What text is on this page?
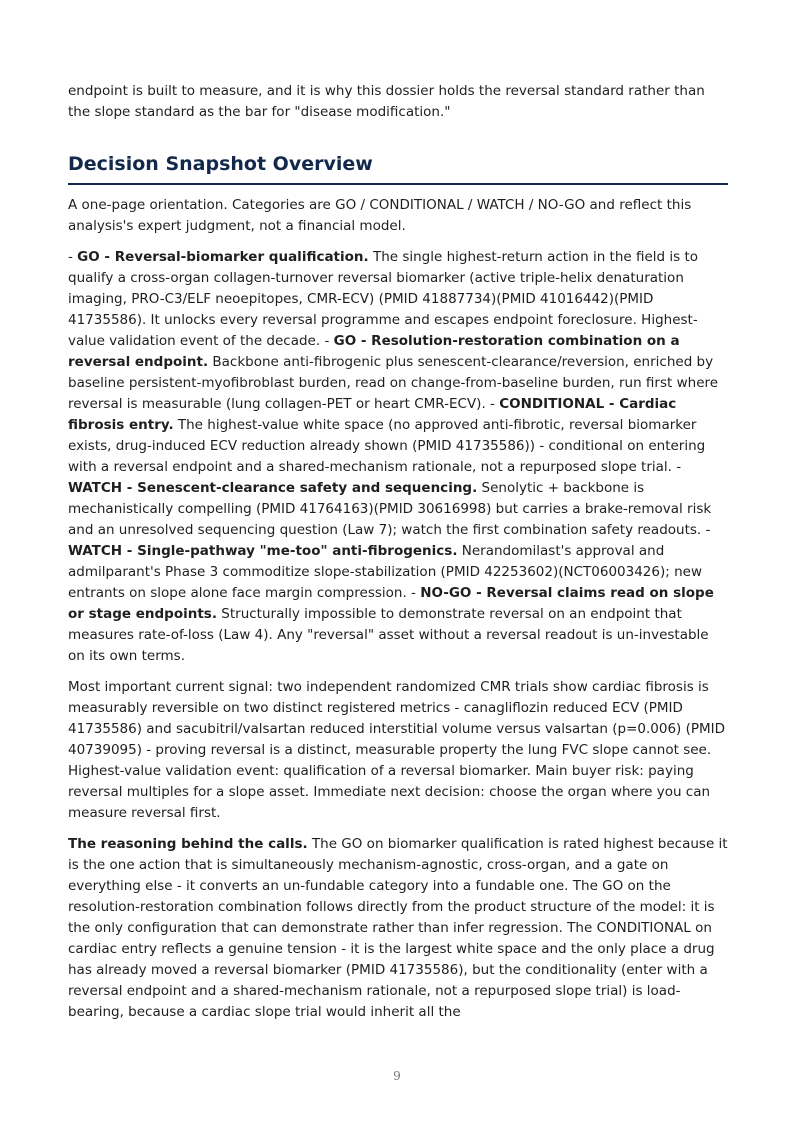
endpoint is built to measure, and it is why this dossier holds the reversal standard rather than the slope standard as the bar for "disease modification."

Decision Snapshot Overview

A one-page orientation. Categories are GO / CONDITIONAL / WATCH / NO-GO and reflect this analysis's expert judgment, not a financial model.

- GO - Reversal-biomarker qualification. The single highest-return action in the field is to qualify a cross-organ collagen-turnover reversal biomarker (active triple-helix denaturation imaging, PRO-C3/ELF neoepitopes, CMR-ECV) (PMID 41887734)(PMID 41016442)(PMID 41735586). It unlocks every reversal programme and escapes endpoint foreclosure. Highest-value validation event of the decade. - GO - Resolution-restoration combination on a reversal endpoint. Backbone anti-fibrogenic plus senescent-clearance/reversion, enriched by baseline persistent-myofibroblast burden, read on change-from-baseline burden, run first where reversal is measurable (lung collagen-PET or heart CMR-ECV). - CONDITIONAL - Cardiac fibrosis entry. The highest-value white space (no approved anti-fibrotic, reversal biomarker exists, drug-induced ECV reduction already shown (PMID 41735586)) - conditional on entering with a reversal endpoint and a shared-mechanism rationale, not a repurposed slope trial. - WATCH - Senescent-clearance safety and sequencing. Senolytic + backbone is mechanistically compelling (PMID 41764163)(PMID 30616998) but carries a brake-removal risk and an unresolved sequencing question (Law 7); watch the first combination safety readouts. - WATCH - Single-pathway "me-too" anti-fibrogenics. Nerandomilast's approval and admilparant's Phase 3 commoditize slope-stabilization (PMID 42253602)(NCT06003426); new entrants on slope alone face margin compression. - NO-GO - Reversal claims read on slope or stage endpoints. Structurally impossible to demonstrate reversal on an endpoint that measures rate-of-loss (Law 4). Any "reversal" asset without a reversal readout is un-investable on its own terms.

Most important current signal: two independent randomized CMR trials show cardiac fibrosis is measurably reversible on two distinct registered metrics - canagliflozin reduced ECV (PMID 41735586) and sacubitril/valsartan reduced interstitial volume versus valsartan (p=0.006) (PMID 40739095) - proving reversal is a distinct, measurable property the lung FVC slope cannot see. Highest-value validation event: qualification of a reversal biomarker. Main buyer risk: paying reversal multiples for a slope asset. Immediate next decision: choose the organ where you can measure reversal first.

The reasoning behind the calls. The GO on biomarker qualification is rated highest because it is the one action that is simultaneously mechanism-agnostic, cross-organ, and a gate on everything else - it converts an un-fundable category into a fundable one. The GO on the resolution-restoration combination follows directly from the product structure of the model: it is the only configuration that can demonstrate rather than infer regression. The CONDITIONAL on cardiac entry reflects a genuine tension - it is the largest white space and the only place a drug has already moved a reversal biomarker (PMID 41735586), but the conditionality (enter with a reversal endpoint and a shared-mechanism rationale, not a repurposed slope trial) is load-bearing, because a cardiac slope trial would inherit all the

9
